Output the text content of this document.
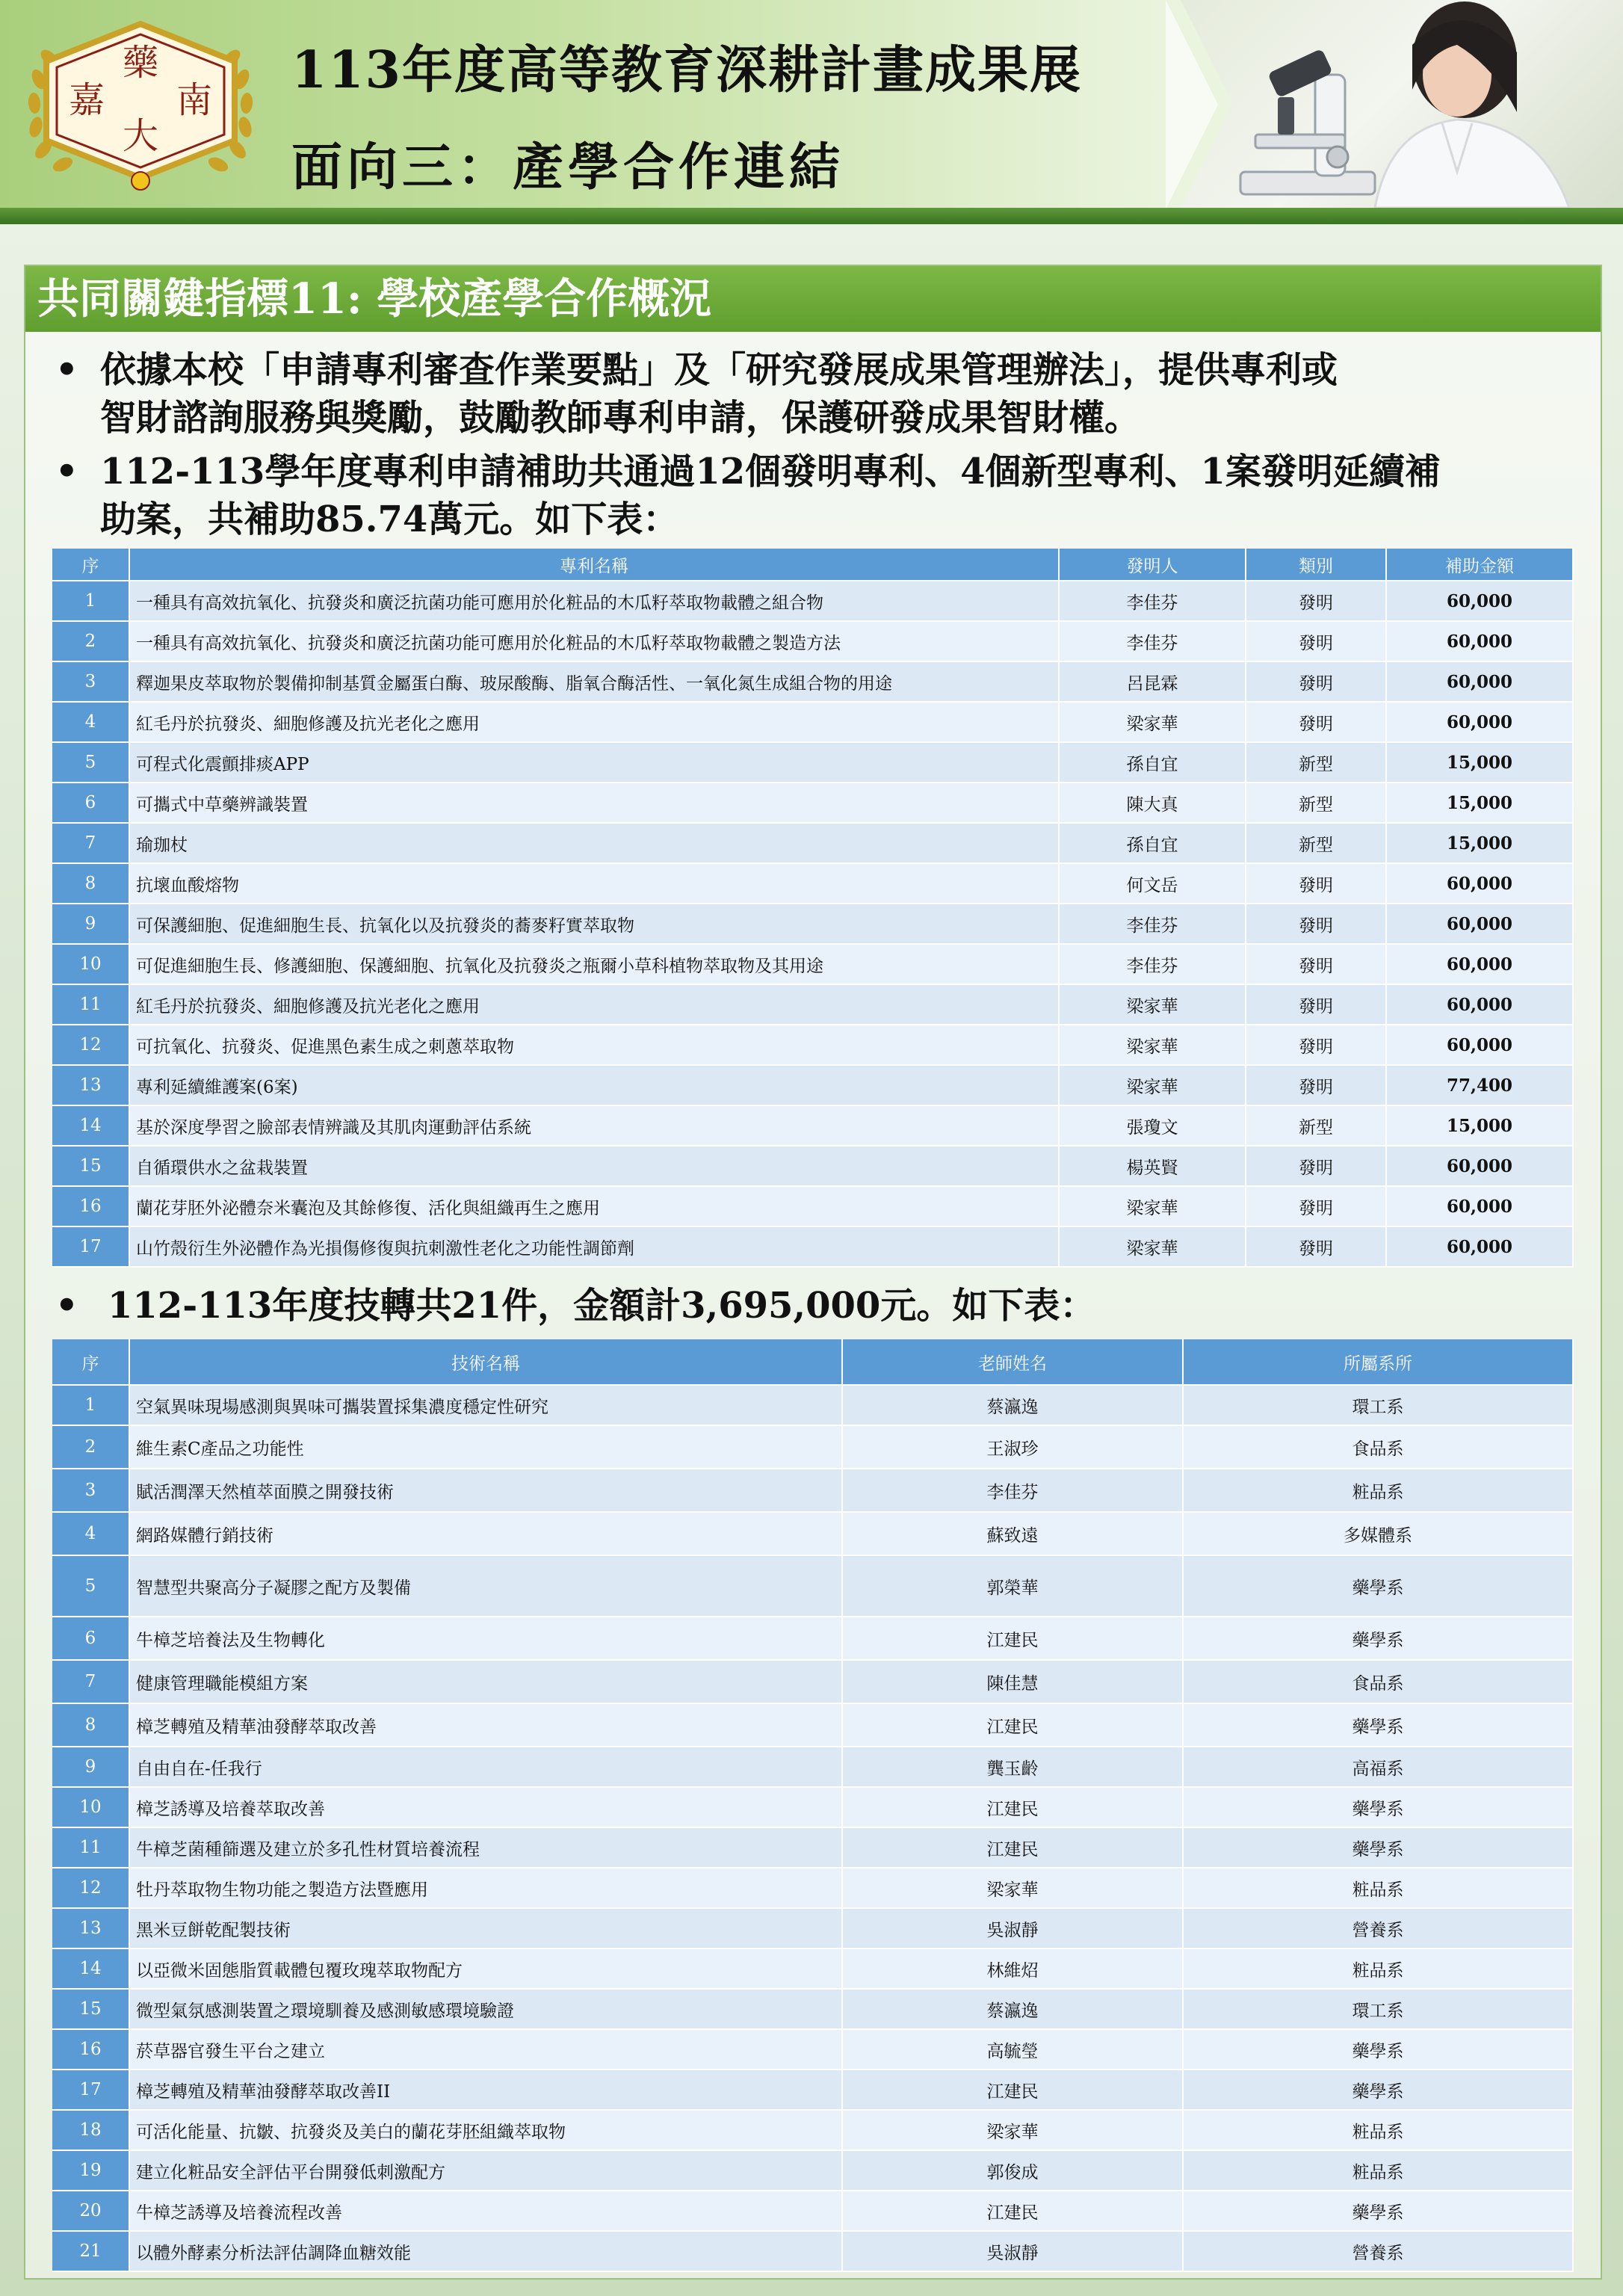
藥
嘉 南
大
113年度高等教育深耕計畫成果展
面向三：產學合作連結
共同關鍵指標11: 學校產學合作概況
• 依據本校「申請專利審查作業要點」及「研究發展成果管理辦法」，提供專利或
智財諮詢服務與獎勵，鼓勵教師專利申請，保護研發成果智財權。
• 112-113學年度專利申請補助共通過12個發明專利、4個新型專利、1案發明延續補
助案，共補助85.74萬元。如下表：
序	專利名稱	發明人	類別	補助金額
1	一種具有高效抗氧化、抗發炎和廣泛抗菌功能可應用於化粧品的木瓜籽萃取物載體之組合物	李佳芬	發明	60,000
2	一種具有高效抗氧化、抗發炎和廣泛抗菌功能可應用於化粧品的木瓜籽萃取物載體之製造方法	李佳芬	發明	60,000
3	釋迦果皮萃取物於製備抑制基質金屬蛋白酶、玻尿酸酶、脂氧合酶活性、一氧化氮生成組合物的用途	呂昆霖	發明	60,000
4	紅毛丹於抗發炎、細胞修護及抗光老化之應用	梁家華	發明	60,000
5	可程式化震顫排痰APP	孫自宜	新型	15,000
6	可攜式中草藥辨識裝置	陳大真	新型	15,000
7	瑜珈杖	孫自宜	新型	15,000
8	抗壞血酸熔物	何文岳	發明	60,000
9	可保護細胞、促進細胞生長、抗氧化以及抗發炎的蕎麥籽實萃取物	李佳芬	發明	60,000
10	可促進細胞生長、修護細胞、保護細胞、抗氧化及抗發炎之瓶爾小草科植物萃取物及其用途	李佳芬	發明	60,000
11	紅毛丹於抗發炎、細胞修護及抗光老化之應用	梁家華	發明	60,000
12	可抗氧化、抗發炎、促進黑色素生成之刺蔥萃取物	梁家華	發明	60,000
13	專利延續維護案(6案)	梁家華	發明	77,400
14	基於深度學習之臉部表情辨識及其肌肉運動評估系統	張瓊文	新型	15,000
15	自循環供水之盆栽裝置	楊英賢	發明	60,000
16	蘭花芽胚外泌體奈米囊泡及其餘修復、活化與組織再生之應用	梁家華	發明	60,000
17	山竹殼衍生外泌體作為光損傷修復與抗刺激性老化之功能性調節劑	梁家華	發明	60,000
• 112-113年度技轉共21件，金額計3,695,000元。如下表：
序	技術名稱	老師姓名	所屬系所
1	空氣異味現場感測與異味可攜裝置採集濃度穩定性研究	蔡瀛逸	環工系
2	維生素C產品之功能性	王淑珍	食品系
3	賦活潤澤天然植萃面膜之開發技術	李佳芬	粧品系
4	網路媒體行銷技術	蘇致遠	多媒體系
5	智慧型共聚高分子凝膠之配方及製備	郭榮華	藥學系
6	牛樟芝培養法及生物轉化	江建民	藥學系
7	健康管理職能模組方案	陳佳慧	食品系
8	樟芝轉殖及精華油發酵萃取改善	江建民	藥學系
9	自由自在-任我行	龔玉齡	高福系
10	樟芝誘導及培養萃取改善	江建民	藥學系
11	牛樟芝菌種篩選及建立於多孔性材質培養流程	江建民	藥學系
12	牡丹萃取物生物功能之製造方法暨應用	梁家華	粧品系
13	黑米豆餅乾配製技術	吳淑靜	營養系
14	以亞微米固態脂質載體包覆玫瑰萃取物配方	林維炤	粧品系
15	微型氣氛感測裝置之環境馴養及感測敏感環境驗證	蔡瀛逸	環工系
16	菸草器官發生平台之建立	高毓瑩	藥學系
17	樟芝轉殖及精華油發酵萃取改善II	江建民	藥學系
18	可活化能量、抗皺、抗發炎及美白的蘭花芽胚組織萃取物	梁家華	粧品系
19	建立化粧品安全評估平台開發低刺激配方	郭俊成	粧品系
20	牛樟芝誘導及培養流程改善	江建民	藥學系
21	以體外酵素分析法評估調降血糖效能	吳淑靜	營養系
